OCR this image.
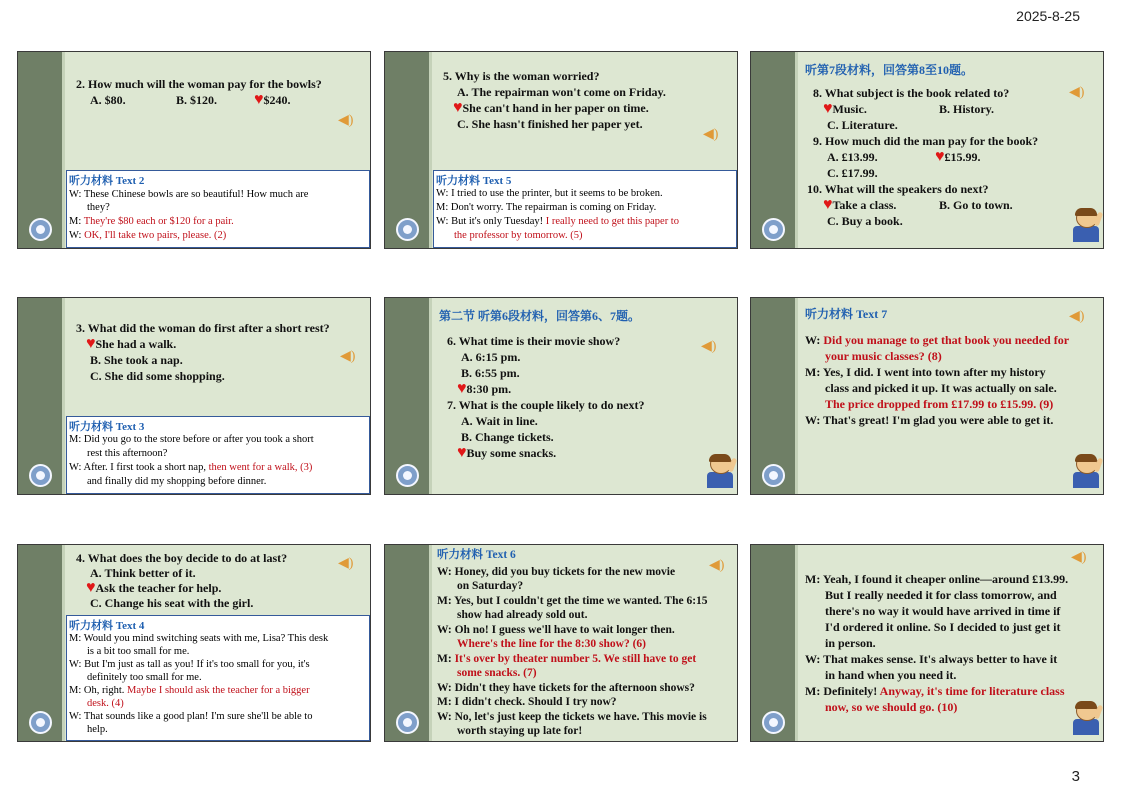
2025-8-25
◀)
2. How much will the woman pay for the bowls?
A. $80.	B. $120. ♥$240.
听力材料 Text 2
W: These Chinese bowls are so beautiful! How much are
they?
M: They're $80 each or $120 for a pair.
W: OK, I'll take two pairs, please. (2)
◀)
5. Why is the woman worried?
A. The repairman won't come on Friday.
♥She can't hand in her paper on time.
C. She hasn't finished her paper yet.
听力材料 Text 5
W: I tried to use the printer, but it seems to be broken.
M: Don't worry. The repairman is coming on Friday.
W: But it's only Tuesday! I really need to get this paper to
the professor by tomorrow. (5)
◀)
听第7段材料，回答第8至10题。
8. What subject is the book related to?
♥Music.	B. History.
C. Literature.
9. How much did the man pay for the book?
A. £13.99.	♥£15.99.
C. £17.99.
10. What will the speakers do next?
♥Take a class.	B. Go to town.
C. Buy a book.
◀)
3. What did the woman do first after a short rest?
♥She had a walk.
B. She took a nap.
C. She did some shopping.
听力材料 Text 3
M: Did you go to the store before or after you took a short
rest this afternoon?
W: After. I first took a short nap, then went for a walk, (3)
and finally did my shopping before dinner.
◀)
第二节 听第6段材料，回答第6、7题。
6. What time is their movie show?
A. 6:15 pm.
B. 6:55 pm.
♥8:30 pm.
7. What is the couple likely to do next?
A. Wait in line.
B. Change tickets.
♥Buy some snacks.
◀)
听力材料 Text 7
W: Did you manage to get that book you needed for
your music classes? (8)
M: Yes, I did. I went into town after my history
class and picked it up. It was actually on sale.
The price dropped from £17.99 to £15.99. (9)
W: That's great! I'm glad you were able to get it.
◀)
4. What does the boy decide to do at last?
A. Think better of it.
♥Ask the teacher for help.
C. Change his seat with the girl.
听力材料 Text 4
M: Would you mind switching seats with me, Lisa? This desk
is a bit too small for me.
W: But I'm just as tall as you! If it's too small for you, it's
definitely too small for me.
M: Oh, right. Maybe I should ask the teacher for a bigger
desk. (4)
W: That sounds like a good plan! I'm sure she'll be able to
help.
◀)
听力材料 Text 6
W: Honey, did you buy tickets for the new movie
on Saturday?
M: Yes, but I couldn't get the time we wanted. The 6:15
show had already sold out.
W: Oh no! I guess we'll have to wait longer then.
Where's the line for the 8:30 show? (6)
M: It's over by theater number 5. We still have to get
some snacks. (7)
W: Didn't they have tickets for the afternoon shows?
M: I didn't check. Should I try now?
W: No, let's just keep the tickets we have. This movie is
worth staying up late for!
◀)
M: Yeah, I found it cheaper online—around £13.99.
But I really needed it for class tomorrow, and
there's no way it would have arrived in time if
I'd ordered it online. So I decided to just get it
in person.
W: That makes sense. It's always better to have it
in hand when you need it.
M: Definitely! Anyway, it's time for literature class
now, so we should go. (10)
3
